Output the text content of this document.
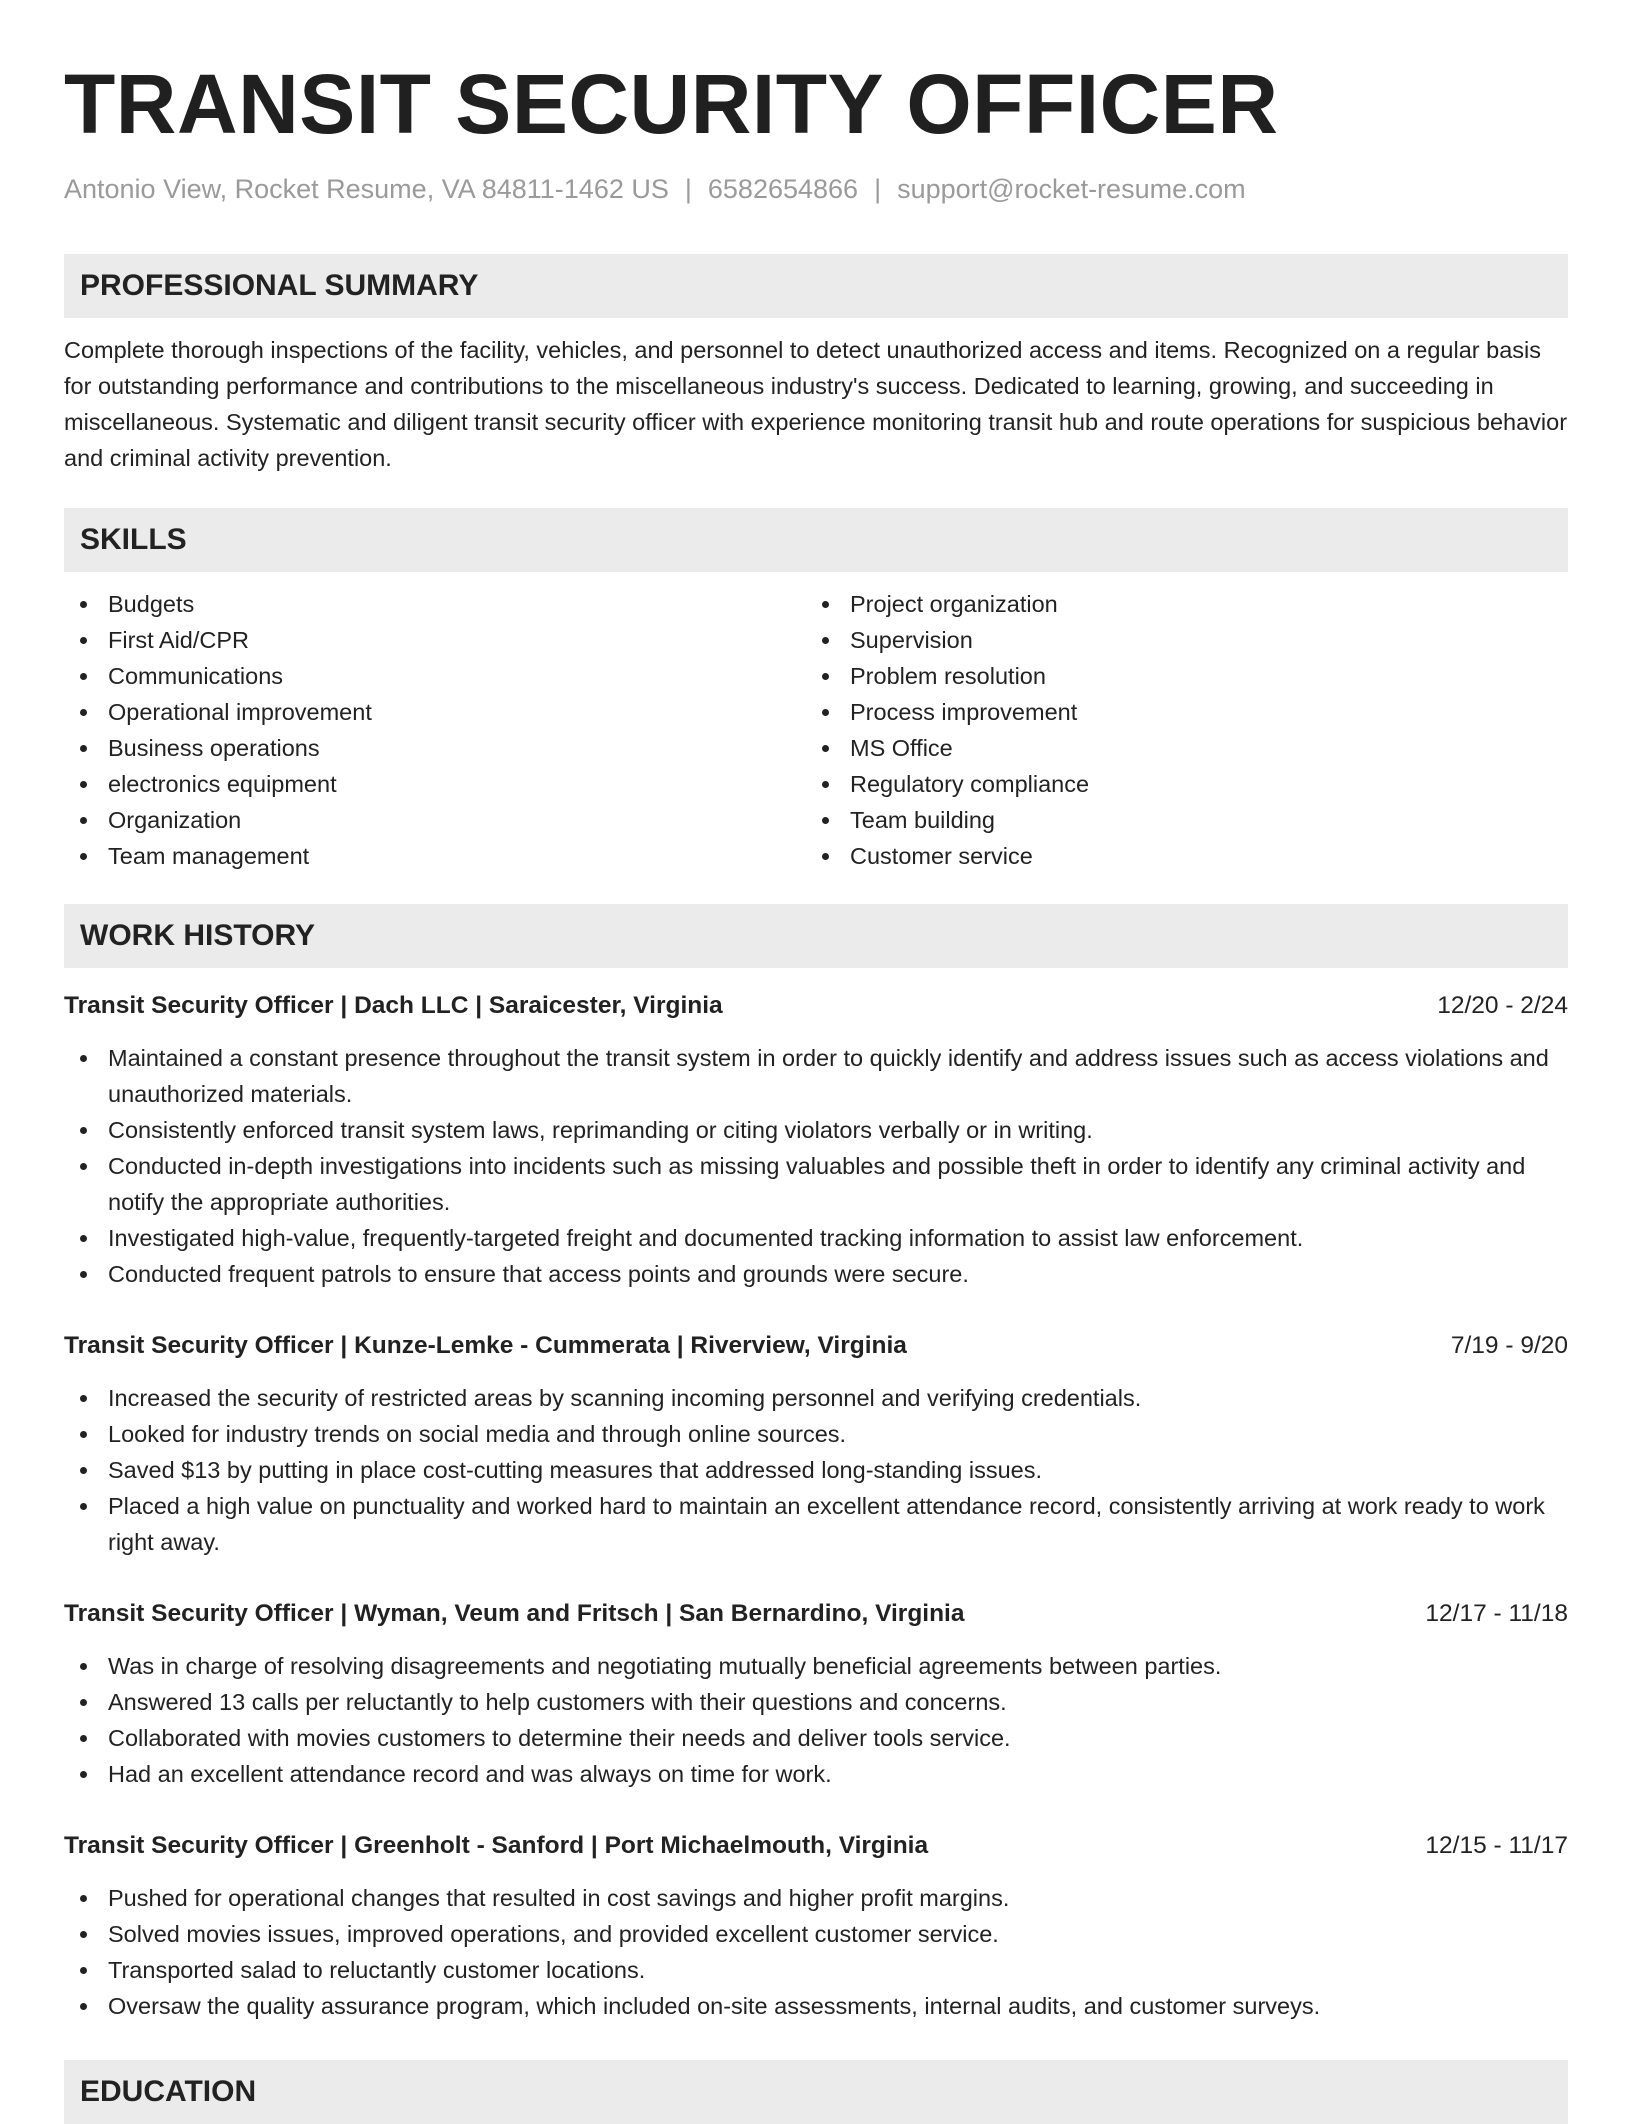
TRANSIT SECURITY OFFICER
Antonio View, Rocket Resume, VA 84811-1462 US | 6582654866 | support@rocket-resume.com
PROFESSIONAL SUMMARY

Complete thorough inspections of the facility, vehicles, and personnel to detect unauthorized access and items. Recognized on a regular basis for outstanding performance and contributions to the miscellaneous industry's success. Dedicated to learning, growing, and succeeding in miscellaneous. Systematic and diligent transit security officer with experience monitoring transit hub and route operations for suspicious behavior and criminal activity prevention.

SKILLS
Budgets
First Aid/CPR
Communications
Operational improvement
Business operations
electronics equipment
Organization
Team management
Project organization
Supervision
Problem resolution
Process improvement
MS Office
Regulatory compliance
Team building
Customer service
WORK HISTORY
Transit Security Officer | Dach LLC | Saraicester, Virginia	12/20 - 2/24
Maintained a constant presence throughout the transit system in order to quickly identify and address issues such as access violations and unauthorized materials.
Consistently enforced transit system laws, reprimanding or citing violators verbally or in writing.
Conducted in-depth investigations into incidents such as missing valuables and possible theft in order to identify any criminal activity and notify the appropriate authorities.
Investigated high-value, frequently-targeted freight and documented tracking information to assist law enforcement.
Conducted frequent patrols to ensure that access points and grounds were secure.
Transit Security Officer | Kunze-Lemke - Cummerata | Riverview, Virginia	7/19 - 9/20
Increased the security of restricted areas by scanning incoming personnel and verifying credentials.
Looked for industry trends on social media and through online sources.
Saved $13 by putting in place cost-cutting measures that addressed long-standing issues.
Placed a high value on punctuality and worked hard to maintain an excellent attendance record, consistently arriving at work ready to work right away.
Transit Security Officer | Wyman, Veum and Fritsch | San Bernardino, Virginia	12/17 - 11/18
Was in charge of resolving disagreements and negotiating mutually beneficial agreements between parties.
Answered 13 calls per reluctantly to help customers with their questions and concerns.
Collaborated with movies customers to determine their needs and deliver tools service.
Had an excellent attendance record and was always on time for work.
Transit Security Officer | Greenholt - Sanford | Port Michaelmouth, Virginia	12/15 - 11/17
Pushed for operational changes that resulted in cost savings and higher profit margins.
Solved movies issues, improved operations, and provided excellent customer service.
Transported salad to reluctantly customer locations.
Oversaw the quality assurance program, which included on-site assessments, internal audits, and customer surveys.
EDUCATION
